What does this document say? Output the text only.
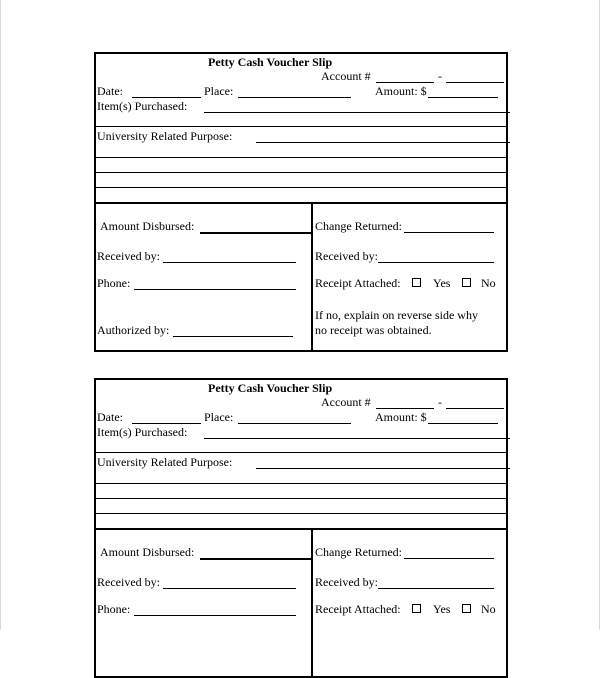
Petty Cash Voucher Slip
Account #	-
Date:	Place:	Amount: $
Item(s) Purchased:
University Related Purpose:
Amount Disbursed:	Change Returned:
Received by:	Received by:
Phone:	Receipt Attached:	Yes	No
If no, explain on reverse side why
no receipt was obtained.
Authorized by:
Petty Cash Voucher Slip
Account #	-
Date:	Place:	Amount: $
Item(s) Purchased:
University Related Purpose:
Amount Disbursed:	Change Returned:
Received by:	Received by:
Phone:	Receipt Attached:	Yes	No
